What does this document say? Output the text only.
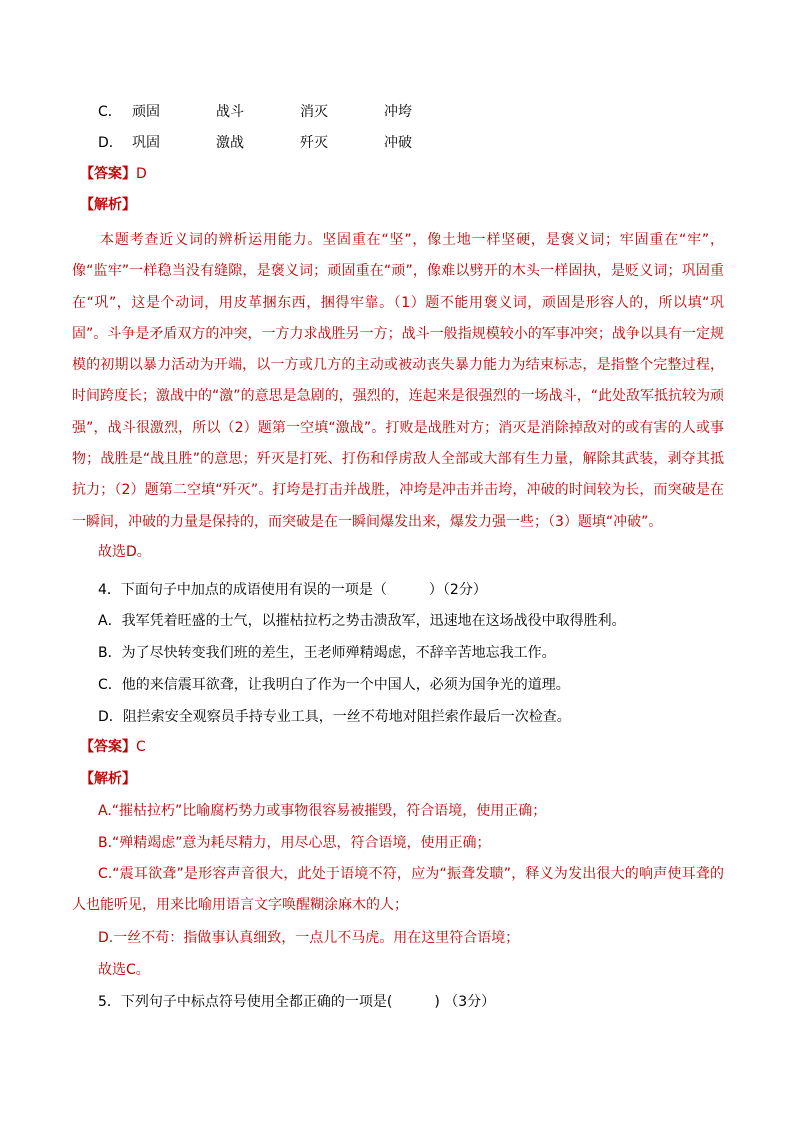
C． 顽固	战斗	消灭	冲垮
D． 巩固	激战	歼灭	冲破
【答案】D
【解析】
本题考查近义词的辨析运用能力。坚固重在“坚”，像土地一样坚硬，是褒义词；牢固重在“牢”，像“监牢”一样稳当没有缝隙，是褒义词；顽固重在“顽”，像难以劈开的木头一样固执，是贬义词；巩固重在“巩”，这是个动词，用皮革捆东西，捆得牢靠。（1）题不能用褒义词，顽固是形容人的，所以填“巩固”。斗争是矛盾双方的冲突，一方力求战胜另一方；战斗一般指规模较小的军事冲突；战争以具有一定规模的初期以暴力活动为开端，以一方或几方的主动或被动丧失暴力能力为结束标志，是指整个完整过程，时间跨度长；激战中的“激”的意思是急剧的，强烈的，连起来是很强烈的一场战斗，“此处敌军抵抗较为顽强”，战斗很激烈，所以（2）题第一空填“激战”。打败是战胜对方；消灭是消除掉敌对的或有害的人或事物；战胜是“战且胜”的意思；歼灭是打死、打伤和俘虏敌人全部或大部有生力量，解除其武装，剥夺其抵抗力；（2）题第二空填“歼灭”。打垮是打击并战胜，冲垮是冲击并击垮，冲破的时间较为长，而突破是在一瞬间，冲破的力量是保持的，而突破是在一瞬间爆发出来，爆发力强一些；（3）题填“冲破”。
故选D。
4．下面句子中加点的成语使用有误的一项是（　　　）（2分）
A．我军凭着旺盛的士气，以摧枯拉朽之势击溃敌军，迅速地在这场战役中取得胜利。
B．为了尽快转变我们班的差生，王老师殚精竭虑，不辞辛苦地忘我工作。
C．他的来信震耳欲聋，让我明白了作为一个中国人，必须为国争光的道理。
D．阻拦索安全观察员手持专业工具，一丝不苟地对阻拦索作最后一次检查。
【答案】C
【解析】
A.“摧枯拉朽”比喻腐朽势力或事物很容易被摧毁，符合语境，使用正确；
B.“殚精竭虑”意为耗尽精力，用尽心思，符合语境，使用正确；
C.“震耳欲聋”是形容声音很大，此处于语境不符，应为“振聋发聩”，释义为发出很大的响声使耳聋的人也能听见，用来比喻用语言文字唤醒糊涂麻木的人；
D.一丝不苟：指做事认真细致，一点儿不马虎。用在这里符合语境；
故选C。
5．下列句子中标点符号使用全都正确的一项是(　　　) （3分）
